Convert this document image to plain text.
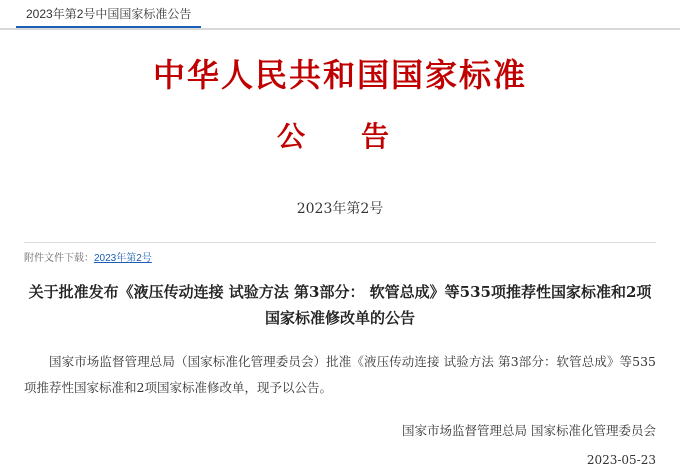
2023年第2号中国国家标准公告
中华人民共和国国家标准
公　告
2023年第2号
附件文件下载：2023年第2号
关于批准发布《液压传动连接 试验方法 第3部分： 软管总成》等535项推荐性国家标准和2项国家标准修改单的公告
国家市场监督管理总局（国家标准化管理委员会）批准《液压传动连接 试验方法 第3部分：软管总成》等535项推荐性国家标准和2项国家标准修改单，现予以公告。
国家市场监督管理总局 国家标准化管理委员会
2023-05-23
